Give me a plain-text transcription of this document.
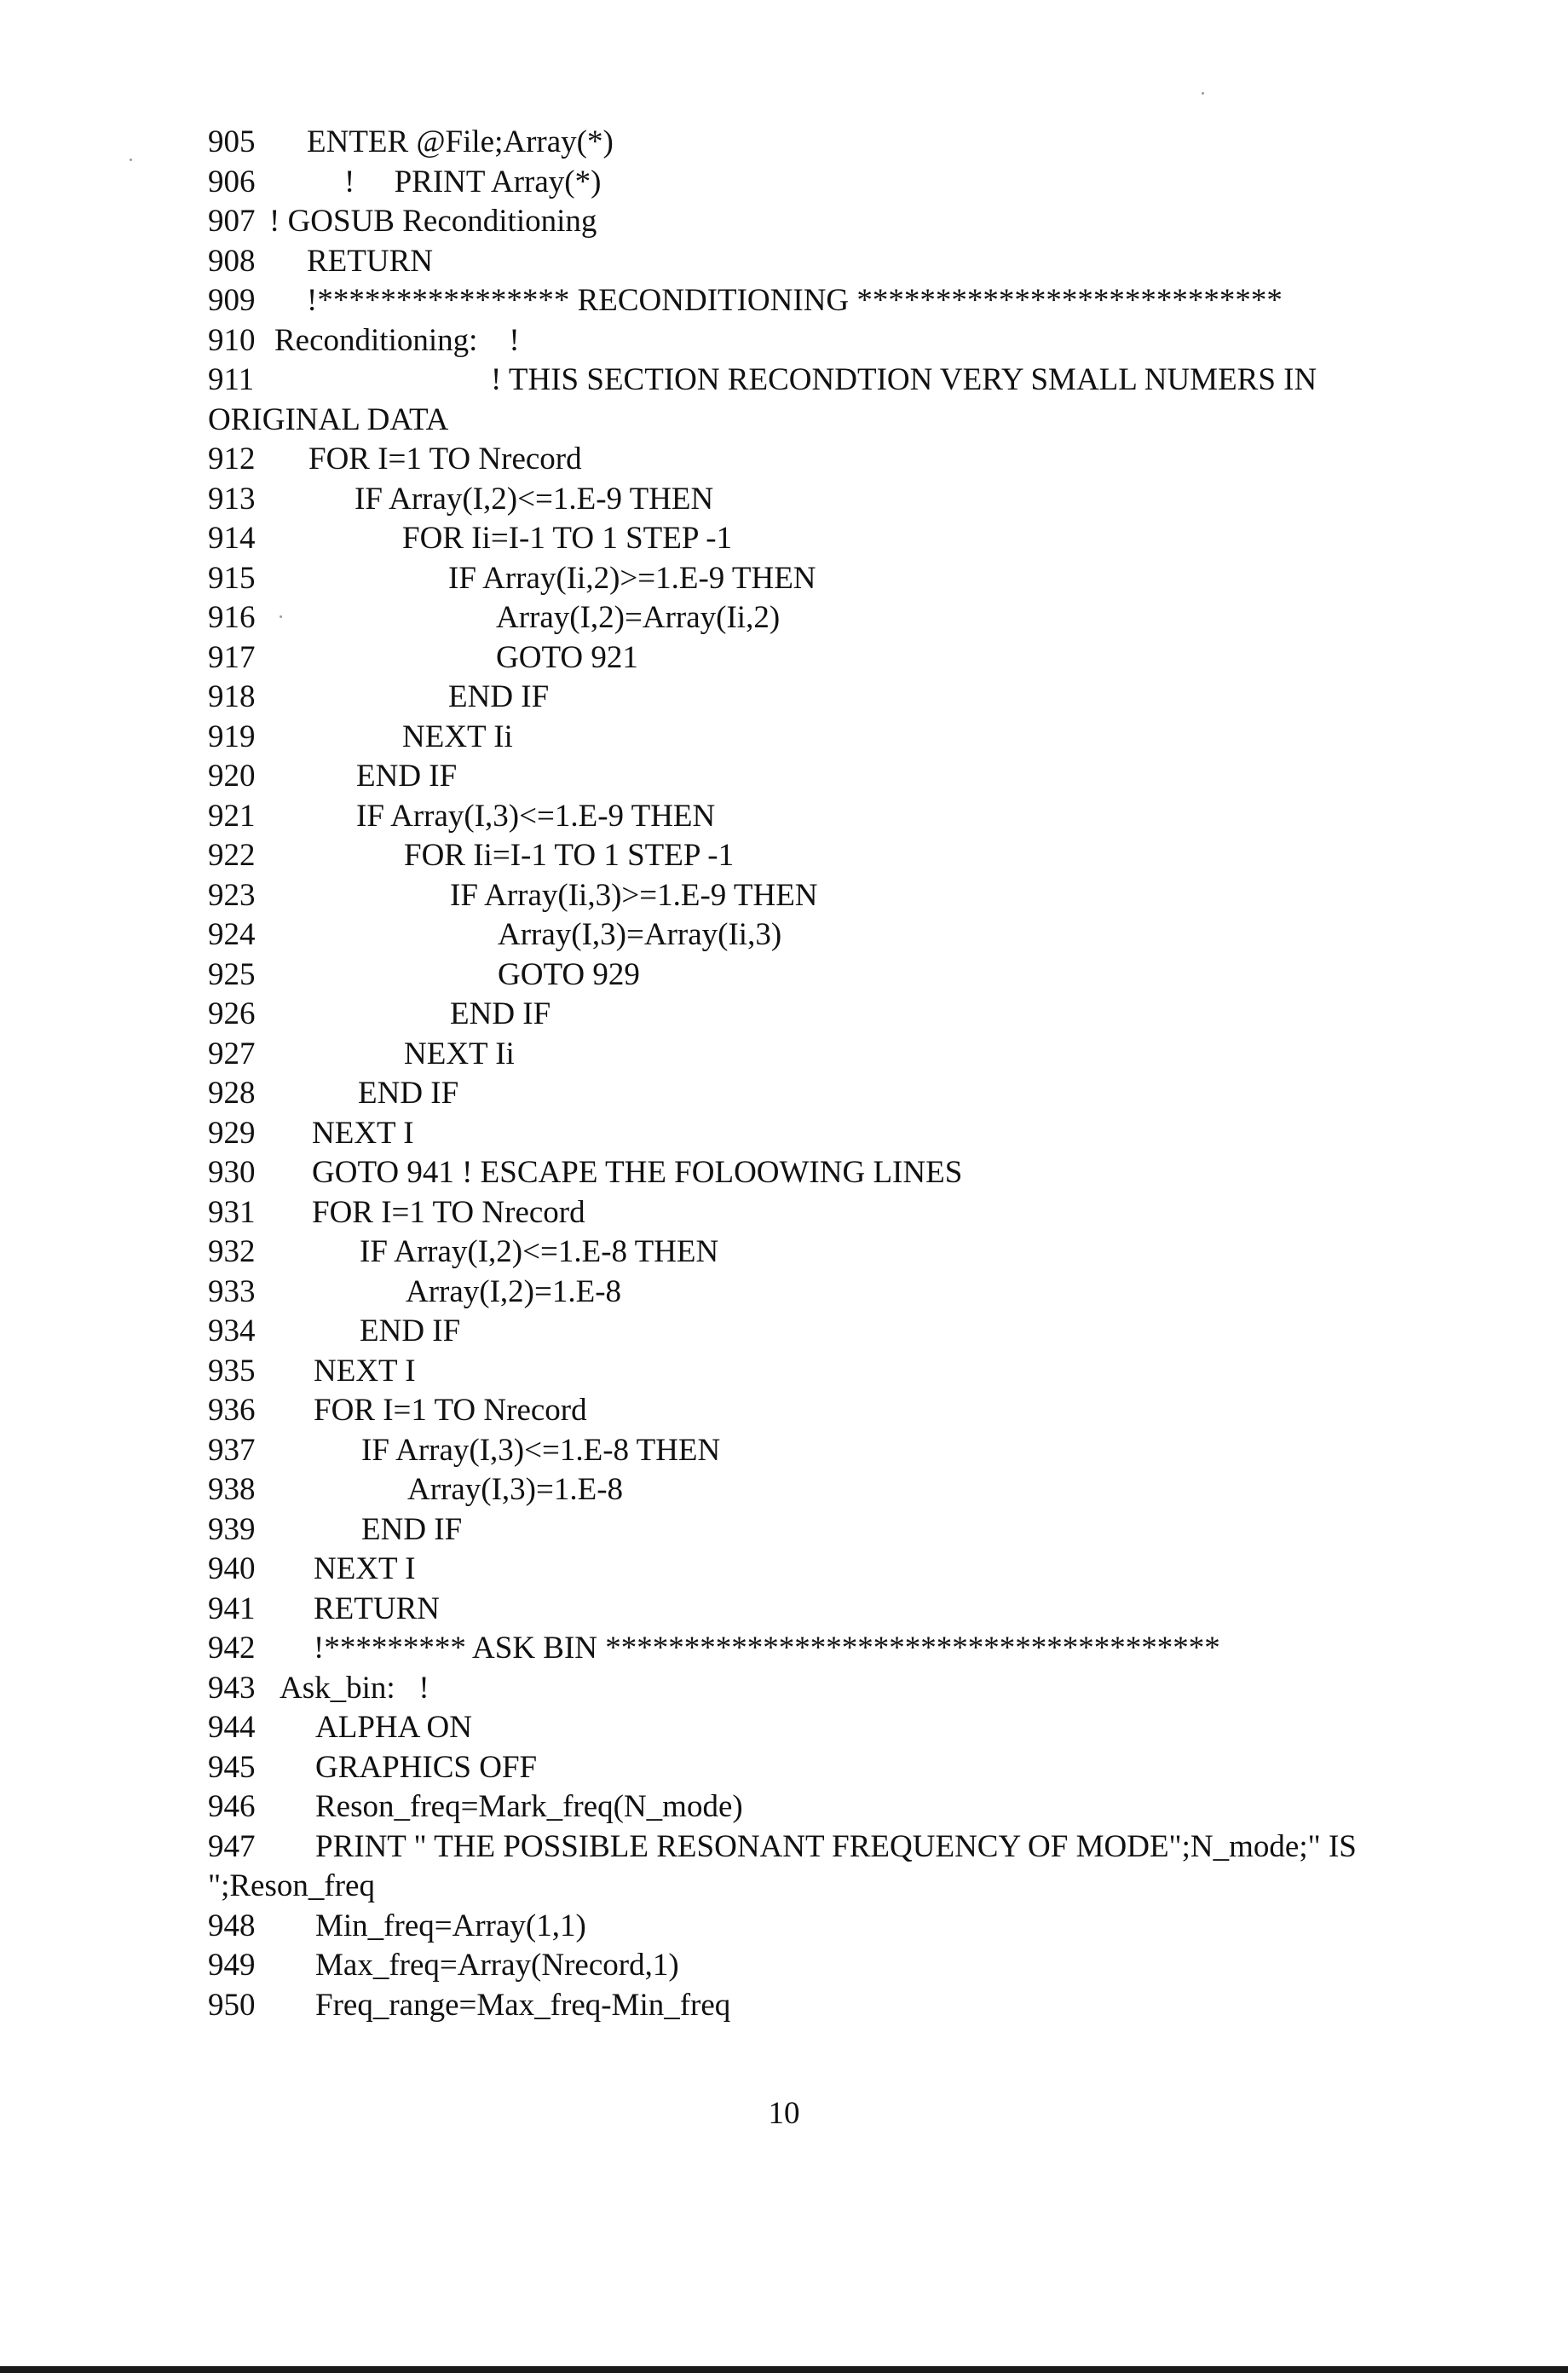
905 ENTER @File;Array(*)
906	!     PRINT Array(*)
907 ! GOSUB Reconditioning
908 RETURN
909 !**************** RECONDITIONING ***************************
910 Reconditioning:    !
911	! THIS SECTION RECONDTION VERY SMALL NUMERS IN
ORIGINAL DATA
912 FOR I=1 TO Nrecord
913	IF Array(I,2)<=1.E-9 THEN
914	FOR Ii=I-1 TO 1 STEP -1
915	IF Array(Ii,2)>=1.E-9 THEN
916	Array(I,2)=Array(Ii,2)
917	GOTO 921
918	END IF
919	NEXT Ii
920	END IF
921	IF Array(I,3)<=1.E-9 THEN
922	FOR Ii=I-1 TO 1 STEP -1
923	IF Array(Ii,3)>=1.E-9 THEN
924	Array(I,3)=Array(Ii,3)
925	GOTO 929
926	END IF
927	NEXT Ii
928	END IF
929 NEXT I
930 GOTO 941 ! ESCAPE THE FOLOOWING LINES
931 FOR I=1 TO Nrecord
932	IF Array(I,2)<=1.E-8 THEN
933	Array(I,2)=1.E-8
934	END IF
935 NEXT I
936 FOR I=1 TO Nrecord
937	IF Array(I,3)<=1.E-8 THEN
938	Array(I,3)=1.E-8
939	END IF
940 NEXT I
941 RETURN
942 !********* ASK BIN ***************************************
943 Ask_bin:   !
944 ALPHA ON
945 GRAPHICS OFF
946 Reson_freq=Mark_freq(N_mode)
947 PRINT " THE POSSIBLE RESONANT FREQUENCY OF MODE";N_mode;" IS
";Reson_freq
948 Min_freq=Array(1,1)
949 Max_freq=Array(Nrecord,1)
950 Freq_range=Max_freq-Min_freq
10
